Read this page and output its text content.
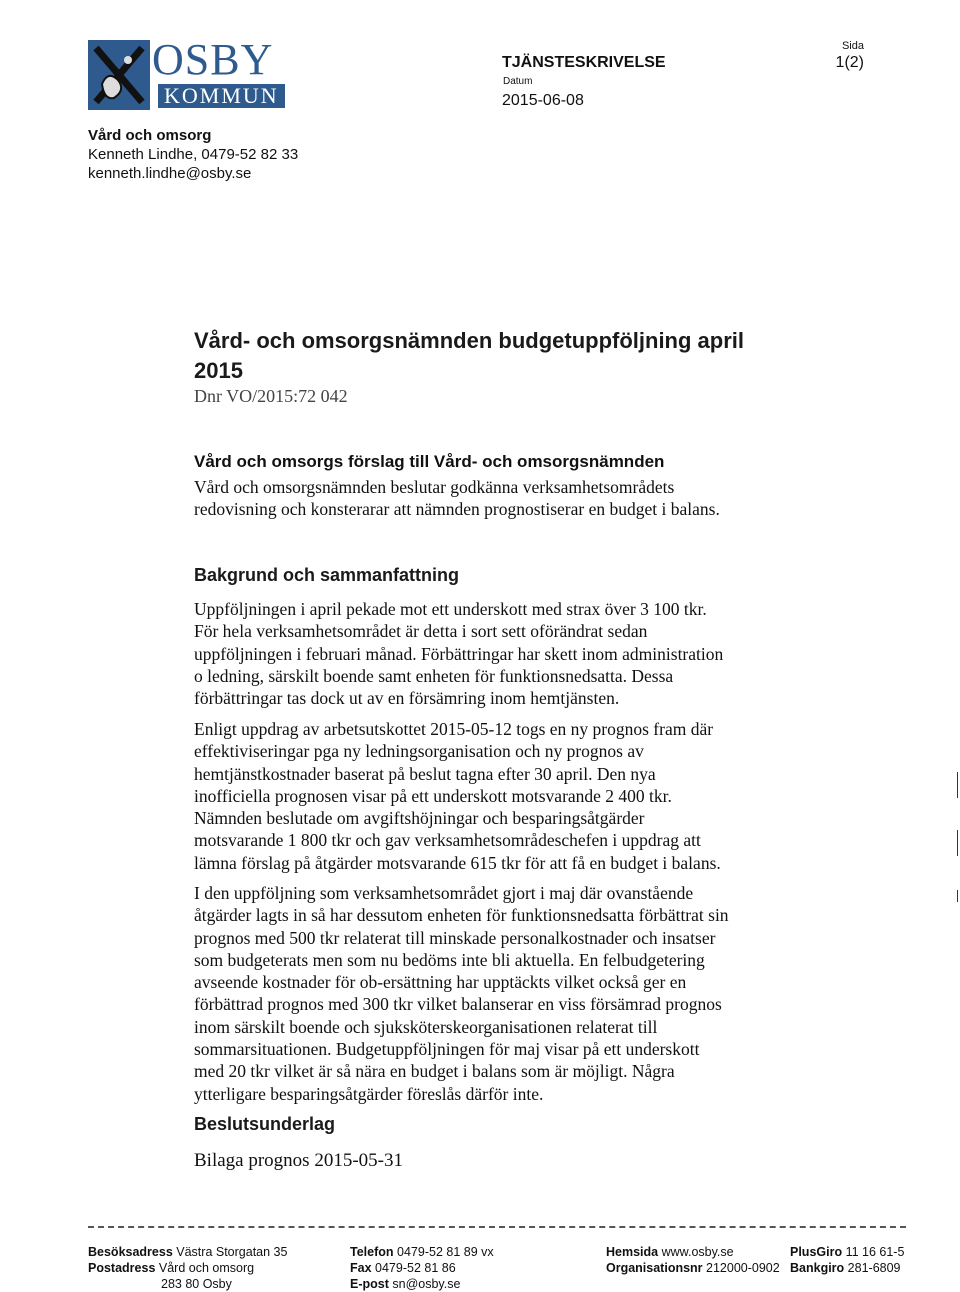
OSBY
KOMMUN
TJÄNSTESKRIVELSE
Datum
2015-06-08
Sida
1(2)
Vård och omsorg
Kenneth Lindhe, 0479-52 82 33
kenneth.lindhe@osby.se
Vård- och omsorgsnämnden budgetuppföljning april
2015
Dnr VO/2015:72 042
Vård och omsorgs förslag till Vård- och omsorgsnämnden
Vård och omsorgsnämnden beslutar godkänna verksamhetsområdets
redovisning och konsterarar att nämnden prognostiserar en budget i balans.
Bakgrund och sammanfattning
Uppföljningen i april pekade mot ett underskott med strax över 3 100 tkr.
För hela verksamhetsområdet är detta i sort sett oförändrat sedan
uppföljningen i februari månad. Förbättringar har skett inom administration
o ledning, särskilt boende samt enheten för funktionsnedsatta. Dessa
förbättringar tas dock ut av en försämring inom hemtjänsten.
Enligt uppdrag av arbetsutskottet 2015-05-12 togs en ny prognos fram där
effektiviseringar pga ny ledningsorganisation och ny prognos av
hemtjänstkostnader baserat på beslut tagna efter 30 april. Den nya
inofficiella prognosen visar på ett underskott motsvarande 2 400 tkr.
Nämnden beslutade om avgiftshöjningar och besparingsåtgärder
motsvarande 1 800 tkr och gav verksamhetsområdeschefen i uppdrag att
lämna förslag på åtgärder motsvarande 615 tkr för att få en budget i balans.
I den uppföljning som verksamhetsområdet gjort i maj där ovanstående
åtgärder lagts in så har dessutom enheten för funktionsnedsatta förbättrat sin
prognos med 500 tkr relaterat till minskade personalkostnader och insatser
som budgeterats men som nu bedöms inte bli aktuella. En felbudgetering
avseende kostnader för ob-ersättning har upptäckts vilket också ger en
förbättrad prognos med 300 tkr vilket balanserar en viss försämrad prognos
inom särskilt boende och sjuksköterskeorganisationen relaterat till
sommarsituationen. Budgetuppföljningen för maj visar på ett underskott
med 20 tkr vilket är så nära en budget i balans som är möjligt. Några
ytterligare besparingsåtgärder föreslås därför inte.
Beslutsunderlag
Bilaga prognos 2015-05-31
Besöksadress Västra Storgatan 35
Postadress Vård och omsorg
283 80 Osby
Telefon 0479-52 81 89 vx
Fax 0479-52 81 86
E-post sn@osby.se
Hemsida www.osby.se
Organisationsnr 212000-0902
PlusGiro 11 16 61-5
Bankgiro 281-6809
